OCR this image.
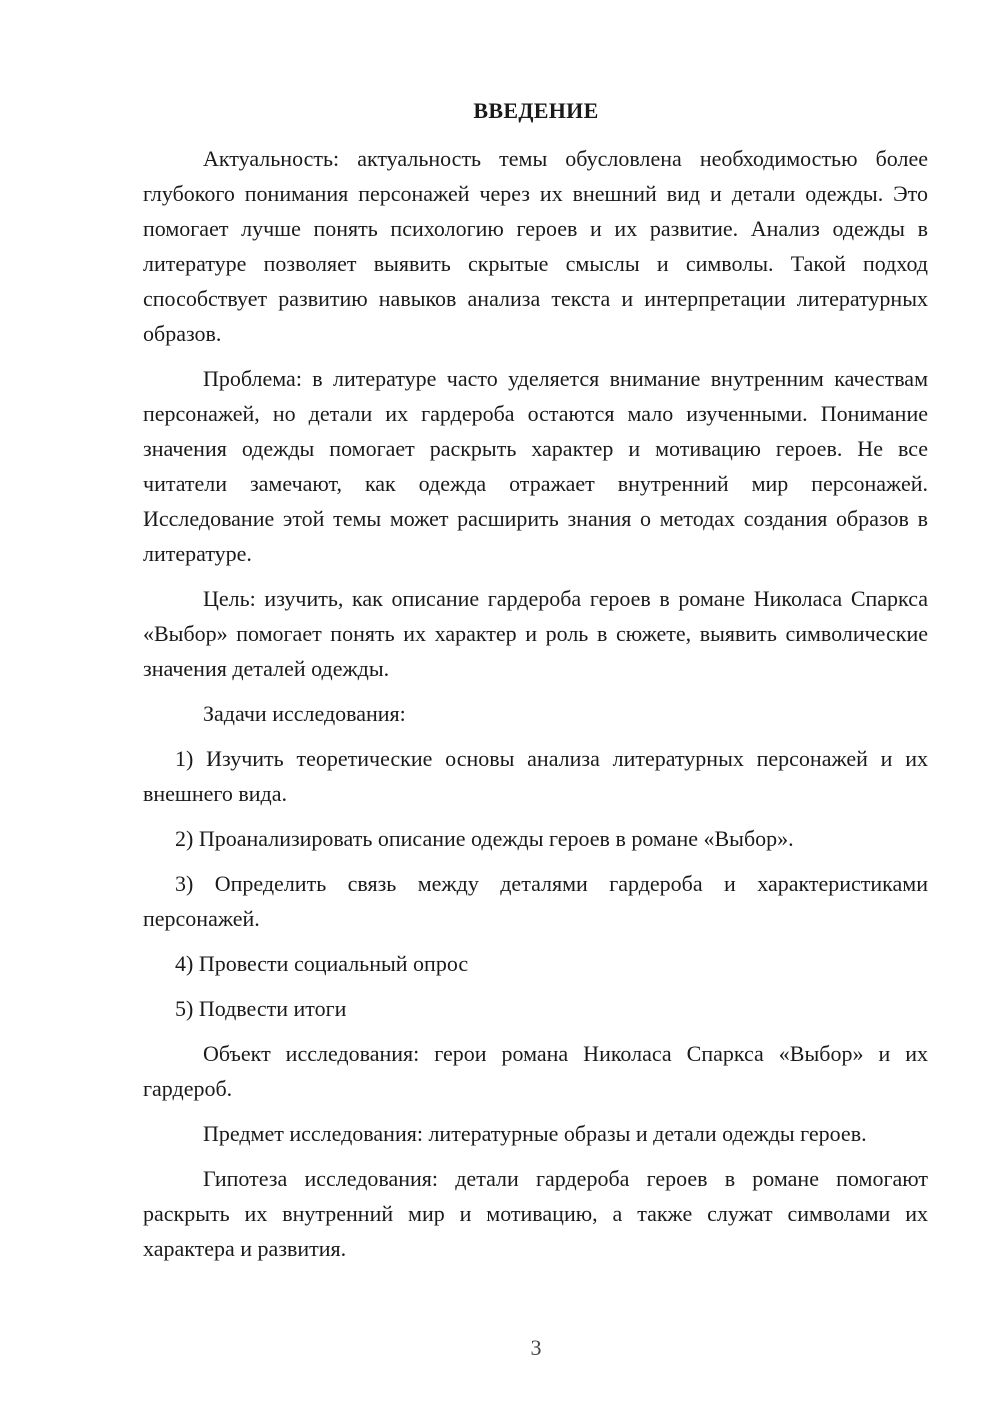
ВВЕДЕНИЕ

Актуальность: актуальность темы обусловлена необходимостью более глубокого понимания персонажей через их внешний вид и детали одежды. Это помогает лучше понять психологию героев и их развитие. Анализ одежды в литературе позволяет выявить скрытые смыслы и символы. Такой подход способствует развитию навыков анализа текста и интерпретации литературных образов.

Проблема: в литературе часто уделяется внимание внутренним качествам персонажей, но детали их гардероба остаются мало изученными. Понимание значения одежды помогает раскрыть характер и мотивацию героев. Не все читатели замечают, как одежда отражает внутренний мир персонажей. Исследование этой темы может расширить знания о методах создания образов в литературе.

Цель: изучить, как описание гардероба героев в романе Николаса Спаркса «Выбор» помогает понять их характер и роль в сюжете, выявить символические значения деталей одежды.

Задачи исследования:

1) Изучить теоретические основы анализа литературных персонажей и их внешнего вида.

2) Проанализировать описание одежды героев в романе «Выбор».

3) Определить связь между деталями гардероба и характеристиками персонажей.

4) Провести социальный опрос

5) Подвести итоги

Объект исследования: герои романа Николаса Спаркса «Выбор» и их гардероб.

Предмет исследования: литературные образы и детали одежды героев.

Гипотеза исследования: детали гардероба героев в романе помогают раскрыть их внутренний мир и мотивацию, а также служат символами их характера и развития.

3
